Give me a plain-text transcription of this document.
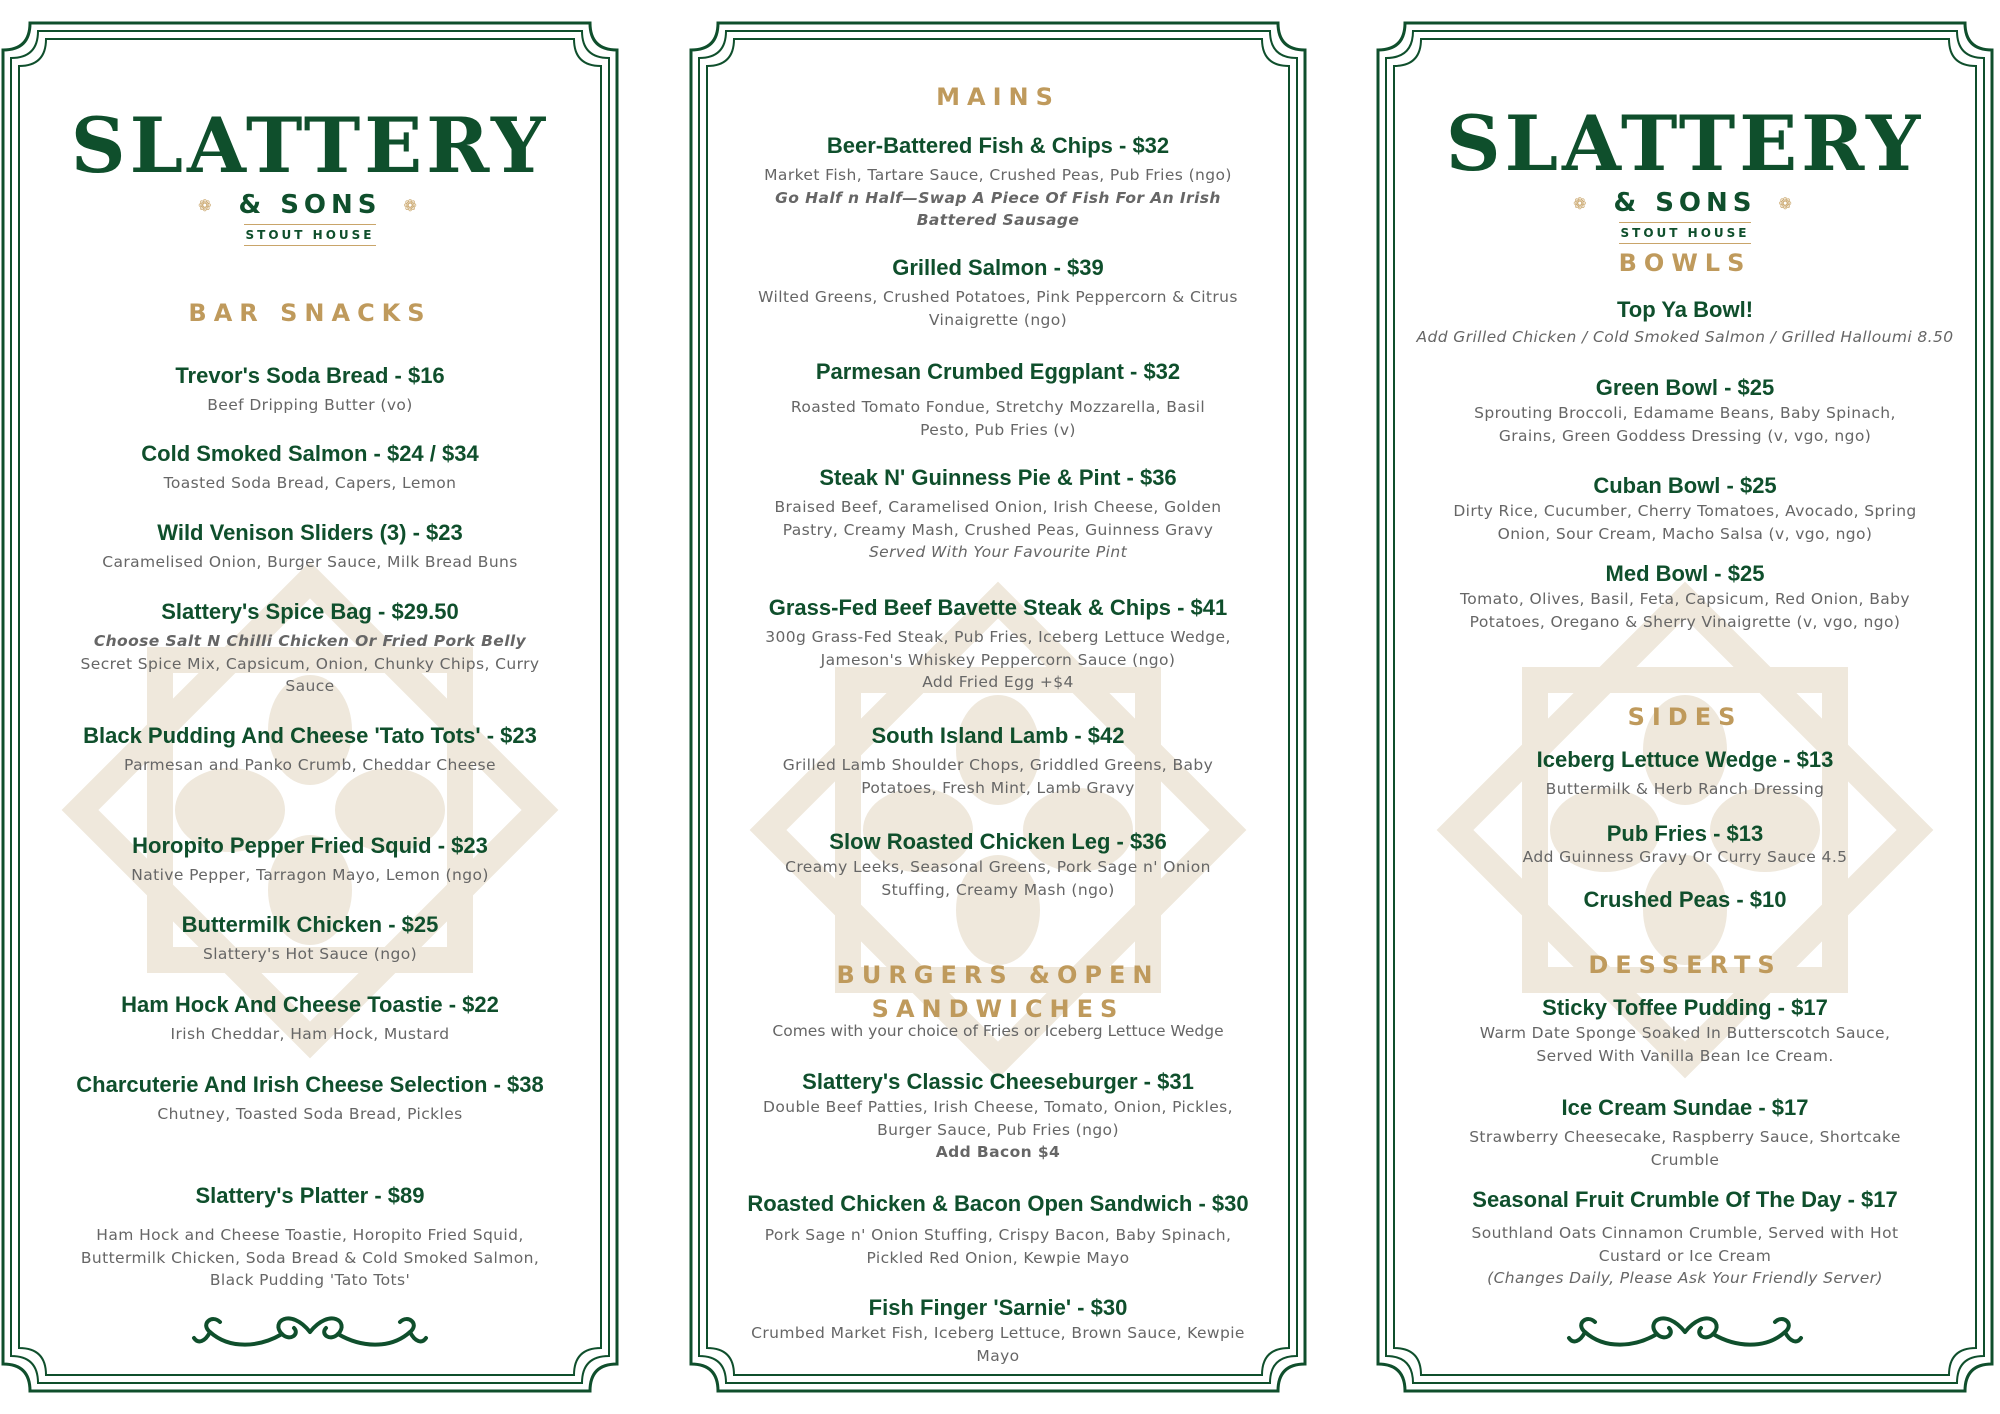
SLATTERY
❁ & SONS ❁
STOUT HOUSE
BAR SNACKS
Trevor's Soda Bread - $16
Beef Dripping Butter (vo)
Cold Smoked Salmon - $24 / $34
Toasted Soda Bread, Capers, Lemon
Wild Venison Sliders (3) - $23
Caramelised Onion, Burger Sauce, Milk Bread Buns
Slattery's Spice Bag - $29.50
Choose Salt N Chilli Chicken Or Fried Pork Belly
Secret Spice Mix, Capsicum, Onion, Chunky Chips, Curry Sauce
Black Pudding And Cheese 'Tato Tots' - $23
Parmesan and Panko Crumb, Cheddar Cheese
Horopito Pepper Fried Squid - $23
Native Pepper, Tarragon Mayo, Lemon (ngo)
Buttermilk Chicken - $25
Slattery's Hot Sauce (ngo)
Ham Hock And Cheese Toastie - $22
Irish Cheddar, Ham Hock, Mustard
Charcuterie And Irish Cheese Selection - $38
Chutney, Toasted Soda Bread, Pickles
Slattery's Platter - $89
Ham Hock and Cheese Toastie, Horopito Fried Squid, Buttermilk Chicken, Soda Bread & Cold Smoked Salmon, Black Pudding 'Tato Tots'
MAINS
Beer-Battered Fish & Chips - $32
Market Fish, Tartare Sauce, Crushed Peas, Pub Fries (ngo)
Go Half n Half—Swap A Piece Of Fish For An Irish Battered Sausage
Grilled Salmon - $39
Wilted Greens, Crushed Potatoes, Pink Peppercorn & Citrus Vinaigrette (ngo)
Parmesan Crumbed Eggplant - $32
Roasted Tomato Fondue, Stretchy Mozzarella, Basil Pesto, Pub Fries (v)
Steak N' Guinness Pie & Pint - $36
Braised Beef, Caramelised Onion, Irish Cheese, Golden Pastry, Creamy Mash, Crushed Peas, Guinness Gravy
Served With Your Favourite Pint
Grass-Fed Beef Bavette Steak & Chips - $41
300g Grass-Fed Steak, Pub Fries, Iceberg Lettuce Wedge, Jameson's Whiskey Peppercorn Sauce (ngo)
Add Fried Egg +$4
South Island Lamb - $42
Grilled Lamb Shoulder Chops, Griddled Greens, Baby Potatoes, Fresh Mint, Lamb Gravy
Slow Roasted Chicken Leg - $36
Creamy Leeks, Seasonal Greens, Pork Sage n' Onion Stuffing, Creamy Mash (ngo)
BURGERS &OPEN SANDWICHES
Comes with your choice of Fries or Iceberg Lettuce Wedge
Slattery's Classic Cheeseburger - $31
Double Beef Patties, Irish Cheese, Tomato, Onion, Pickles, Burger Sauce, Pub Fries (ngo)
Add Bacon $4
Roasted Chicken & Bacon Open Sandwich - $30
Pork Sage n' Onion Stuffing, Crispy Bacon, Baby Spinach, Pickled Red Onion, Kewpie Mayo
Fish Finger 'Sarnie' - $30
Crumbed Market Fish, Iceberg Lettuce, Brown Sauce, Kewpie Mayo
SLATTERY
❁ & SONS ❁
STOUT HOUSE
BOWLS
Top Ya Bowl!
Add Grilled Chicken / Cold Smoked Salmon / Grilled Halloumi 8.50
Green Bowl - $25
Sprouting Broccoli, Edamame Beans, Baby Spinach, Grains, Green Goddess Dressing (v, vgo, ngo)
Cuban Bowl - $25
Dirty Rice, Cucumber, Cherry Tomatoes, Avocado, Spring Onion, Sour Cream, Macho Salsa (v, vgo, ngo)
Med Bowl - $25
Tomato, Olives, Basil, Feta, Capsicum, Red Onion, Baby Potatoes, Oregano & Sherry Vinaigrette (v, vgo, ngo)
SIDES
Iceberg Lettuce Wedge - $13
Buttermilk & Herb Ranch Dressing
Pub Fries - $13
Add Guinness Gravy Or Curry Sauce 4.5
Crushed Peas - $10
DESSERTS
Sticky Toffee Pudding - $17
Warm Date Sponge Soaked In Butterscotch Sauce, Served With Vanilla Bean Ice Cream.
Ice Cream Sundae - $17
Strawberry Cheesecake, Raspberry Sauce, Shortcake Crumble
Seasonal Fruit Crumble Of The Day - $17
Southland Oats Cinnamon Crumble, Served with Hot Custard or Ice Cream
(Changes Daily, Please Ask Your Friendly Server)
